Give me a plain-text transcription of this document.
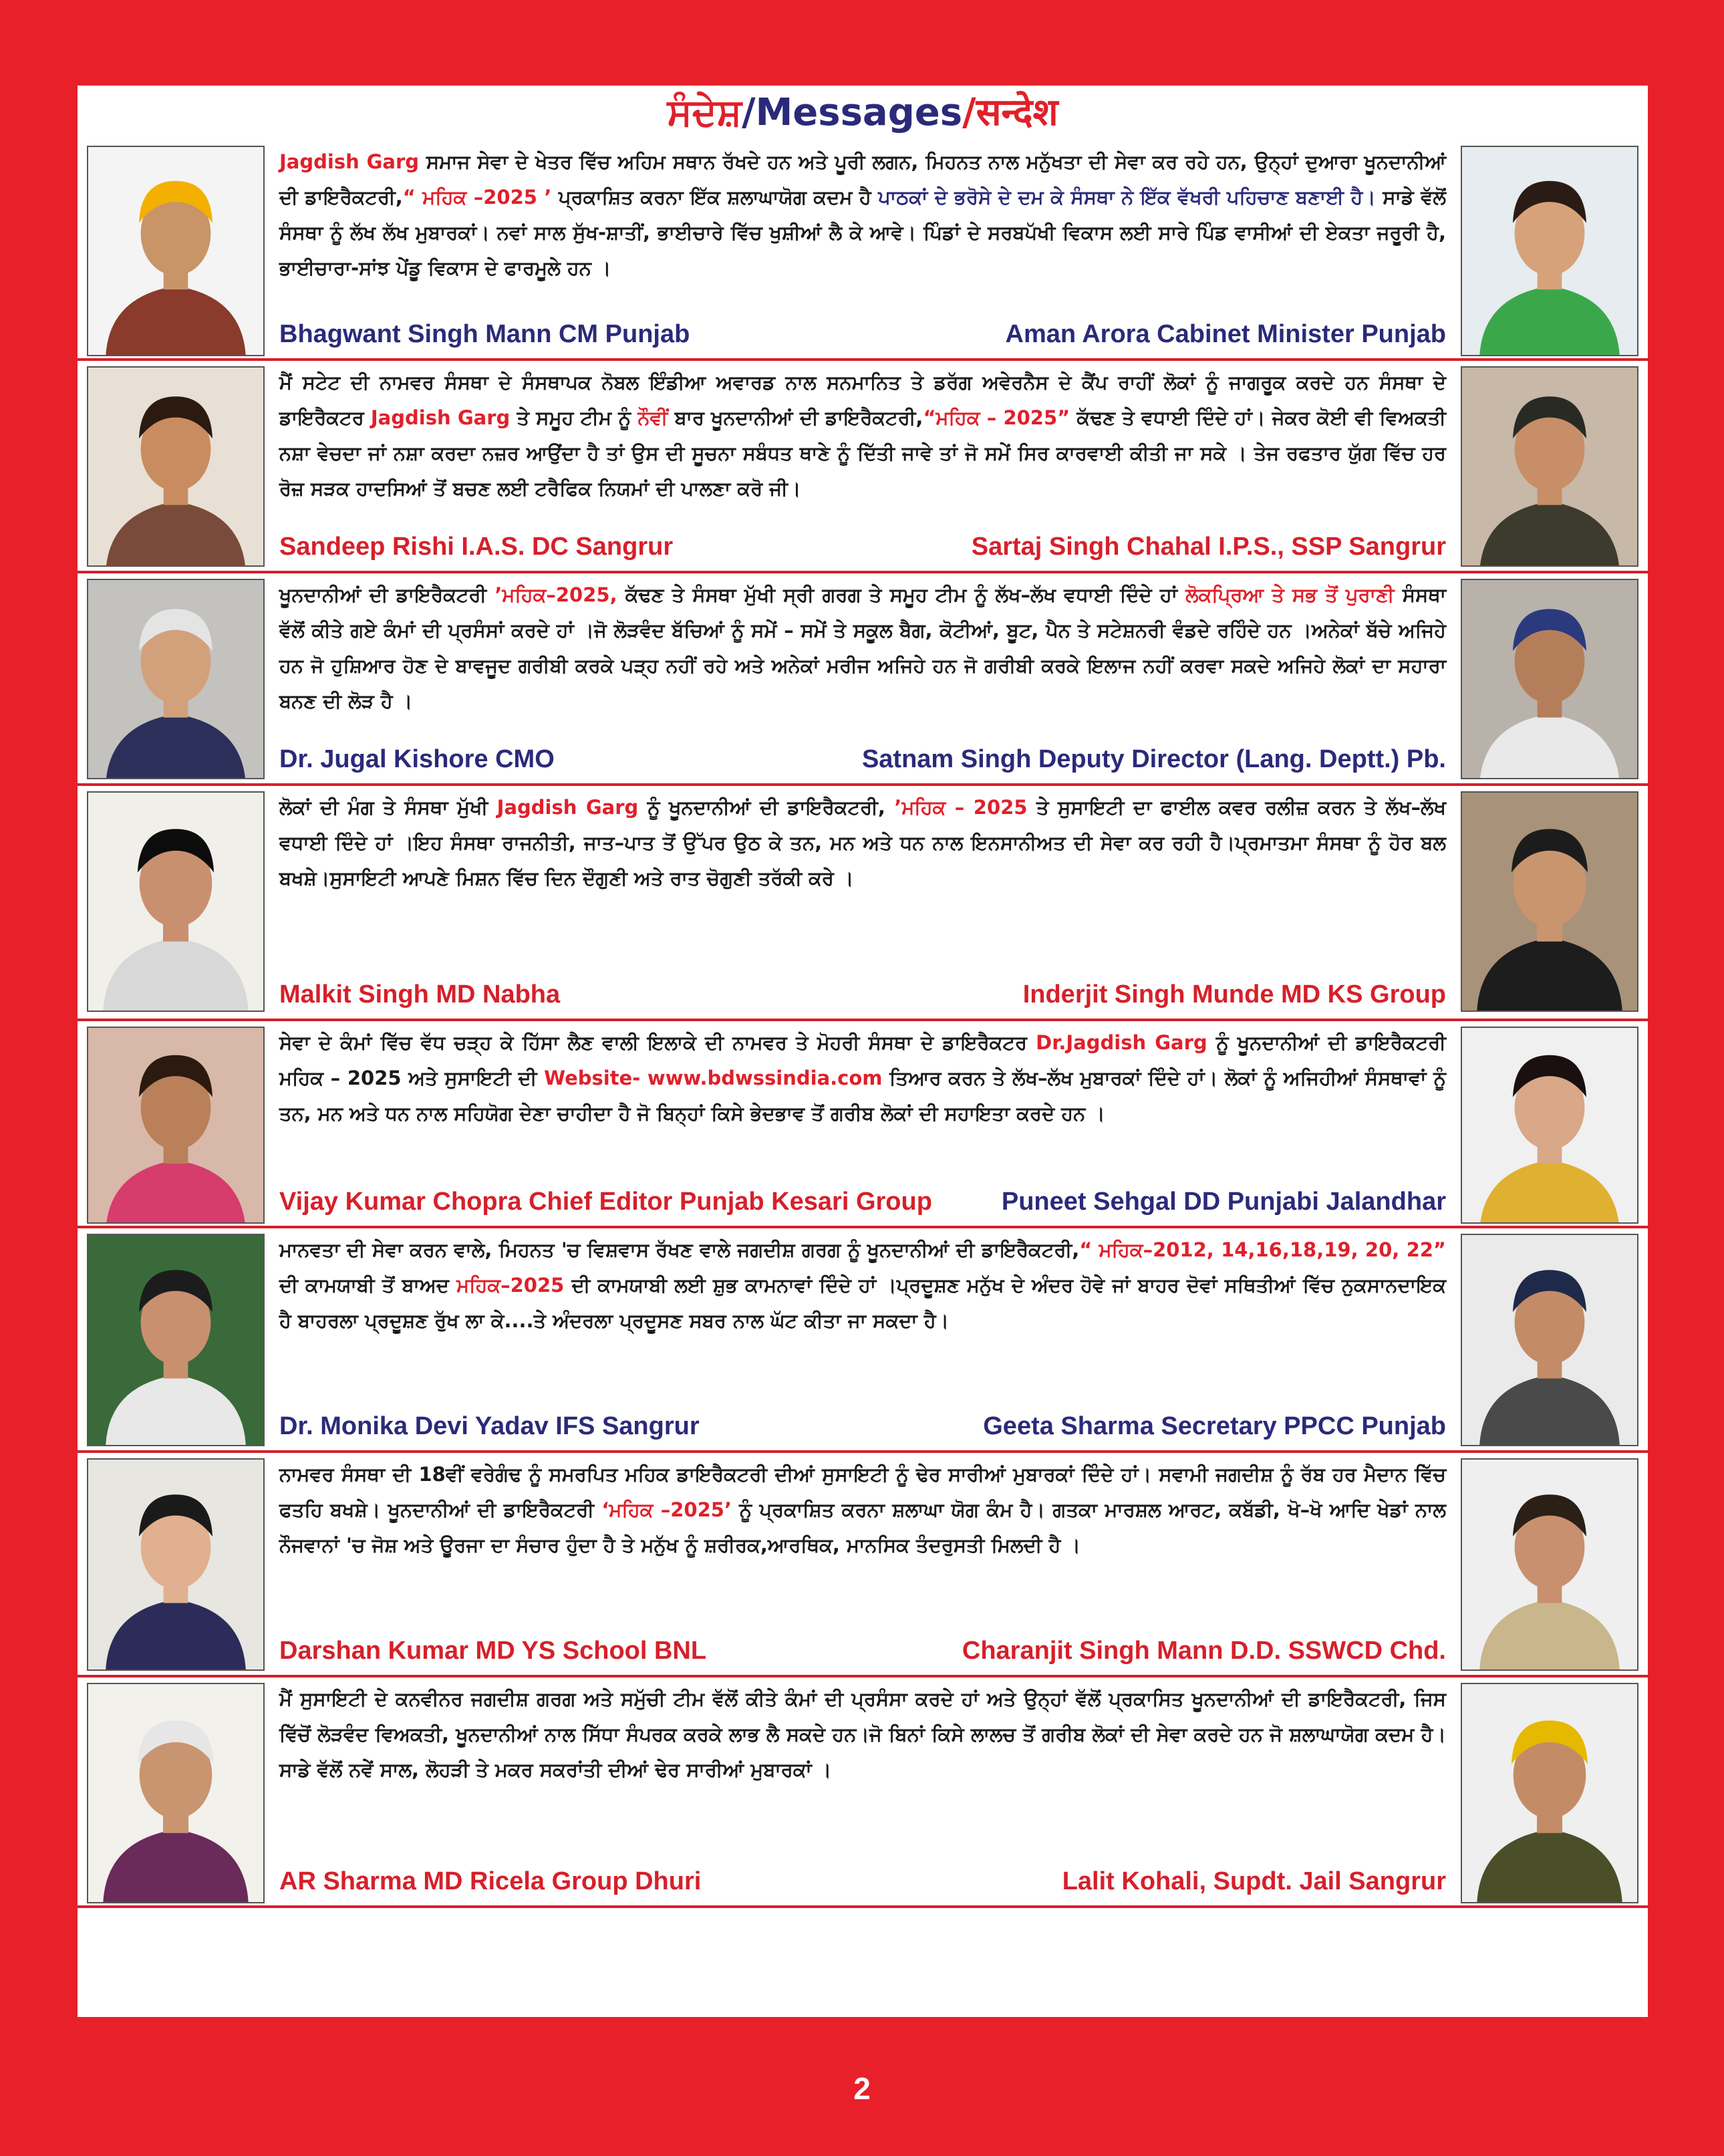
ਸੰਦੇਸ਼/Messages/सन्देश
Jagdish Garg ਸਮਾਜ ਸੇਵਾ ਦੇ ਖੇਤਰ ਵਿੱਚ ਅਹਿਮ ਸਥਾਨ ਰੱਖਦੇ ਹਨ ਅਤੇ ਪੂਰੀ ਲਗਨ, ਮਿਹਨਤ ਨਾਲ ਮਨੁੱਖਤਾ ਦੀ ਸੇਵਾ ਕਰ ਰਹੇ ਹਨ, ਉਨ੍ਹਾਂ ਦੁਆਰਾ ਖੂਨਦਾਨੀਆਂ ਦੀ ਡਾਇਰੈਕਟਰੀ,“ ਮਹਿਕ –2025 ’ ਪ੍ਰਕਾਸ਼ਿਤ ਕਰਨਾ ਇੱਕ ਸ਼ਲਾਘਾਯੋਗ ਕਦਮ ਹੈ ਪਾਠਕਾਂ ਦੇ ਭਰੋਸੇ ਦੇ ਦਮ ਕੇ ਸੰਸਥਾ ਨੇ ਇੱਕ ਵੱਖਰੀ ਪਹਿਚਾਣ ਬਣਾਈ ਹੈ। ਸਾਡੇ ਵੱਲੋਂ ਸੰਸਥਾ ਨੂੰ ਲੱਖ ਲੱਖ ਮੁਬਾਰਕਾਂ। ਨਵਾਂ ਸਾਲ ਸੁੱਖ-ਸ਼ਾਤੀਂ, ਭਾਈਚਾਰੇ ਵਿੱਚ ਖੁਸ਼ੀਆਂ ਲੈ ਕੇ ਆਵੇ। ਪਿੰਡਾਂ ਦੇ ਸਰਬਪੱਖੀ ਵਿਕਾਸ ਲਈ ਸਾਰੇ ਪਿੰਡ ਵਾਸੀਆਂ ਦੀ ਏਕਤਾ ਜਰੂਰੀ ਹੈ, ਭਾਈਚਾਰਾ-ਸਾਂਝ ਪੇਂਡੂ ਵਿਕਾਸ ਦੇ ਫਾਰਮੂਲੇ ਹਨ ।
Bhagwant Singh Mann CM Punjab	Aman Arora Cabinet Minister Punjab
ਮੈਂ ਸਟੇਟ ਦੀ ਨਾਮਵਰ ਸੰਸਥਾ ਦੇ ਸੰਸਥਾਪਕ ਨੋਬਲ ਇੰਡੀਆ ਅਵਾਰਡ ਨਾਲ ਸਨਮਾਨਿਤ ਤੇ ਡਰੱਗ ਅਵੇਰਨੈਸ ਦੇ ਕੈਂਪ ਰਾਹੀਂ ਲੋਕਾਂ ਨੂੰ ਜਾਗਰੂਕ ਕਰਦੇ ਹਨ ਸੰਸਥਾ ਦੇ ਡਾਇਰੈਕਟਰ Jagdish Garg ਤੇ ਸਮੂਹ ਟੀਮ ਨੂੰ ਨੌਵੀਂ ਬਾਰ ਖੂਨਦਾਨੀਆਂ ਦੀ ਡਾਇਰੈਕਟਰੀ,“ਮਹਿਕ – 2025” ਕੱਢਣ ਤੇ ਵਧਾਈ ਦਿੰਦੇ ਹਾਂ। ਜੇਕਰ ਕੋਈ ਵੀ ਵਿਅਕਤੀ ਨਸ਼ਾ ਵੇਚਦਾ ਜਾਂ ਨਸ਼ਾ ਕਰਦਾ ਨਜ਼ਰ ਆਉਂਦਾ ਹੈ ਤਾਂ ਉਸ ਦੀ ਸੂਚਨਾ ਸਬੰਧਤ ਥਾਣੇ ਨੂੰ ਦਿੱਤੀ ਜਾਵੇ ਤਾਂ ਜੋ ਸਮੇਂ ਸਿਰ ਕਾਰਵਾਈ ਕੀਤੀ ਜਾ ਸਕੇ । ਤੇਜ ਰਫਤਾਰ ਯੁੱਗ ਵਿੱਚ ਹਰ ਰੋਜ਼ ਸੜਕ ਹਾਦਸਿਆਂ ਤੋਂ ਬਚਣ ਲਈ ਟਰੈਫਿਕ ਨਿਯਮਾਂ ਦੀ ਪਾਲਣਾ ਕਰੋ ਜੀ।
Sandeep Rishi I.A.S. DC Sangrur	Sartaj Singh Chahal I.P.S., SSP Sangrur
ਖੂਨਦਾਨੀਆਂ ਦੀ ਡਾਇਰੈਕਟਰੀ ’ਮਹਿਕ–2025, ਕੱਢਣ ਤੇ ਸੰਸਥਾ ਮੁੱਖੀ ਸ੍ਰੀ ਗਰਗ ਤੇ ਸਮੂਹ ਟੀਮ ਨੂੰ ਲੱਖ–ਲੱਖ ਵਧਾਈ ਦਿੰਦੇ ਹਾਂ ਲੋਕਪ੍ਰਿਆ ਤੇ ਸਭ ਤੋਂ ਪੁਰਾਣੀ ਸੰਸਥਾ ਵੱਲੋਂ ਕੀਤੇ ਗਏ ਕੰਮਾਂ ਦੀ ਪ੍ਰਸੰਸਾਂ ਕਰਦੇ ਹਾਂ ।ਜੋ ਲੋੜਵੰਦ ਬੱਚਿਆਂ ਨੂੰ ਸਮੇਂ – ਸਮੇਂ ਤੇ ਸਕੂਲ ਬੈਗ, ਕੋਟੀਆਂ, ਬੂਟ, ਪੈਨ ਤੇ ਸਟੇਸ਼ਨਰੀ ਵੰਡਦੇ ਰਹਿੰਦੇ ਹਨ ।ਅਨੇਕਾਂ ਬੱਚੇ ਅਜਿਹੇ ਹਨ ਜੋ ਹੁਸ਼ਿਆਰ ਹੋਣ ਦੇ ਬਾਵਜੂਦ ਗਰੀਬੀ ਕਰਕੇ ਪੜ੍ਹ ਨਹੀਂ ਰਹੇ ਅਤੇ ਅਨੇਕਾਂ ਮਰੀਜ ਅਜਿਹੇ ਹਨ ਜੋ ਗਰੀਬੀ ਕਰਕੇ ਇਲਾਜ ਨਹੀਂ ਕਰਵਾ ਸਕਦੇ ਅਜਿਹੇ ਲੋਕਾਂ ਦਾ ਸਹਾਰਾ ਬਨਣ ਦੀ ਲੋੜ ਹੈ ।
Dr. Jugal Kishore CMO	Satnam Singh Deputy Director (Lang. Deptt.) Pb.
ਲੋਕਾਂ ਦੀ ਮੰਗ ਤੇ ਸੰਸਥਾ ਮੁੱਖੀ Jagdish Garg ਨੂੰ ਖੂਨਦਾਨੀਆਂ ਦੀ ਡਾਇਰੈਕਟਰੀ, ’ਮਹਿਕ – 2025 ਤੇ ਸੁਸਾਇਟੀ ਦਾ ਫਾਈਲ ਕਵਰ ਰਲੀਜ਼ ਕਰਨ ਤੇ ਲੱਖ–ਲੱਖ ਵਧਾਈ ਦਿੰਦੇ ਹਾਂ ।ਇਹ ਸੰਸਥਾ ਰਾਜਨੀਤੀ, ਜਾਤ–ਪਾਤ ਤੋਂ ਉੱਪਰ ਉਠ ਕੇ ਤਨ, ਮਨ ਅਤੇ ਧਨ ਨਾਲ ਇਨਸਾਨੀਅਤ ਦੀ ਸੇਵਾ ਕਰ ਰਹੀ ਹੈ।ਪ੍ਰਮਾਤਮਾ ਸੰਸਥਾ ਨੂੰ ਹੋਰ ਬਲ ਬਖਸ਼ੇ।ਸੁਸਾਇਟੀ ਆਪਣੇ ਮਿਸ਼ਨ ਵਿੱਚ ਦਿਨ ਦੌਗੁਣੀ ਅਤੇ ਰਾਤ ਚੋਗੁਣੀ ਤਰੱਕੀ ਕਰੇ ।
Malkit Singh MD Nabha	Inderjit Singh Munde MD KS Group
ਸੇਵਾ ਦੇ ਕੰਮਾਂ ਵਿੱਚ ਵੱਧ ਚੜ੍ਹ ਕੇ ਹਿੱਸਾ ਲੈਣ ਵਾਲੀ ਇਲਾਕੇ ਦੀ ਨਾਮਵਰ ਤੇ ਮੋਹਰੀ ਸੰਸਥਾ ਦੇ ਡਾਇਰੈਕਟਰ Dr.Jagdish Garg ਨੂੰ ਖੂਨਦਾਨੀਆਂ ਦੀ ਡਾਇਰੈਕਟਰੀ ਮਹਿਕ – 2025 ਅਤੇ ਸੁਸਾਇਟੀ ਦੀ Website- www.bdwssindia.com ਤਿਆਰ ਕਰਨ ਤੇ ਲੱਖ–ਲੱਖ ਮੁਬਾਰਕਾਂ ਦਿੰਦੇ ਹਾਂ। ਲੋਕਾਂ ਨੂੰ ਅਜਿਹੀਆਂ ਸੰਸਥਾਵਾਂ ਨੂੰ ਤਨ, ਮਨ ਅਤੇ ਧਨ ਨਾਲ ਸਹਿਯੋਗ ਦੇਣਾ ਚਾਹੀਦਾ ਹੈ ਜੋ ਬਿਨ੍ਹਾਂ ਕਿਸੇ ਭੇਦਭਾਵ ਤੋਂ ਗਰੀਬ ਲੋਕਾਂ ਦੀ ਸਹਾਇਤਾ ਕਰਦੇ ਹਨ ।
Vijay Kumar Chopra Chief Editor Punjab Kesari Group	Puneet Sehgal DD Punjabi Jalandhar
ਮਾਨਵਤਾ ਦੀ ਸੇਵਾ ਕਰਨ ਵਾਲੇ, ਮਿਹਨਤ 'ਚ ਵਿਸ਼ਵਾਸ ਰੱਖਣ ਵਾਲੇ ਜਗਦੀਸ਼ ਗਰਗ ਨੂੰ ਖੂਨਦਾਨੀਆਂ ਦੀ ਡਾਇਰੈਕਟਰੀ,“ ਮਹਿਕ–2012, 14,16,18,19, 20, 22” ਦੀ ਕਾਮਯਾਬੀ ਤੋਂ ਬਾਅਦ ਮਹਿਕ–2025 ਦੀ ਕਾਮਯਾਬੀ ਲਈ ਸ਼ੁਭ ਕਾਮਨਾਵਾਂ ਦਿੰਦੇ ਹਾਂ ।ਪ੍ਰਦੂਸ਼ਣ ਮਨੁੱਖ ਦੇ ਅੰਦਰ ਹੋਵੇ ਜਾਂ ਬਾਹਰ ਦੋਵਾਂ ਸਥਿਤੀਆਂ ਵਿੱਚ ਨੁਕਸਾਨਦਾਇਕ ਹੈ ਬਾਹਰਲਾ ਪ੍ਰਦੂਸ਼ਣ ਰੁੱਖ ਲਾ ਕੇ....ਤੇ ਅੰਦਰਲਾ ਪ੍ਰਦੂਸਣ ਸਬਰ ਨਾਲ ਘੱਟ ਕੀਤਾ ਜਾ ਸਕਦਾ ਹੈ।
Dr. Monika Devi Yadav IFS Sangrur	Geeta Sharma Secretary PPCC Punjab
ਨਾਮਵਰ ਸੰਸਥਾ ਦੀ 18ਵੀਂ ਵਰੇਗੰਢ ਨੂੰ ਸਮਰਪਿਤ ਮਹਿਕ ਡਾਇਰੈਕਟਰੀ ਦੀਆਂ ਸੁਸਾਇਟੀ ਨੂੰ ਢੇਰ ਸਾਰੀਆਂ ਮੁਬਾਰਕਾਂ ਦਿੰਦੇ ਹਾਂ। ਸਵਾਮੀ ਜਗਦੀਸ਼ ਨੂੰ ਰੱਬ ਹਰ ਮੈਦਾਨ ਵਿੱਚ ਫਤਹਿ ਬਖਸ਼ੇ। ਖੂਨਦਾਨੀਆਂ ਦੀ ਡਾਇਰੈਕਟਰੀ ‘ਮਹਿਕ –2025’ ਨੂੰ ਪ੍ਰਕਾਸ਼ਿਤ ਕਰਨਾ ਸ਼ਲਾਘਾ ਯੋਗ ਕੰਮ ਹੈ। ਗਤਕਾ ਮਾਰਸ਼ਲ ਆਰਟ, ਕਬੱਡੀ, ਖੋ–ਖੋ ਆਦਿ ਖੇਡਾਂ ਨਾਲ ਨੌਜਵਾਨਾਂ 'ਚ ਜੋਸ਼ ਅਤੇ ਊਰਜਾ ਦਾ ਸੰਚਾਰ ਹੁੰਦਾ ਹੈ ਤੇ ਮਨੁੱਖ ਨੂੰ ਸ਼ਰੀਰਕ,ਆਰਥਿਕ, ਮਾਨਸਿਕ ਤੰਦਰੁਸਤੀ ਮਿਲਦੀ ਹੈ ।
Darshan Kumar MD YS School BNL	Charanjit Singh Mann D.D. SSWCD Chd.
ਮੈਂ ਸੁਸਾਇਟੀ ਦੇ ਕਨਵੀਨਰ ਜਗਦੀਸ਼ ਗਰਗ ਅਤੇ ਸਮੁੱਚੀ ਟੀਮ ਵੱਲੋਂ ਕੀਤੇ ਕੰਮਾਂ ਦੀ ਪ੍ਰਸੰਸਾ ਕਰਦੇ ਹਾਂ ਅਤੇ ਉਨ੍ਹਾਂ ਵੱਲੋਂ ਪ੍ਰਕਾਸਿਤ ਖੂਨਦਾਨੀਆਂ ਦੀ ਡਾਇਰੈਕਟਰੀ, ਜਿਸ ਵਿੱਚੋਂ ਲੋੜਵੰਦ ਵਿਅਕਤੀ, ਖੂਨਦਾਨੀਆਂ ਨਾਲ ਸਿੱਧਾ ਸੰਪਰਕ ਕਰਕੇ ਲਾਭ ਲੈ ਸਕਦੇ ਹਨ।ਜੋ ਬਿਨਾਂ ਕਿਸੇ ਲਾਲਚ ਤੋਂ ਗਰੀਬ ਲੋਕਾਂ ਦੀ ਸੇਵਾ ਕਰਦੇ ਹਨ ਜੋ ਸ਼ਲਾਘਾਯੋਗ ਕਦਮ ਹੈ। ਸਾਡੇ ਵੱਲੋਂ ਨਵੇਂ ਸਾਲ, ਲੋਹੜੀ ਤੇ ਮਕਰ ਸਕਰਾਂਤੀ ਦੀਆਂ ਢੇਰ ਸਾਰੀਆਂ ਮੁਬਾਰਕਾਂ ।
AR Sharma MD Ricela Group Dhuri	Lalit Kohali, Supdt. Jail Sangrur
2
